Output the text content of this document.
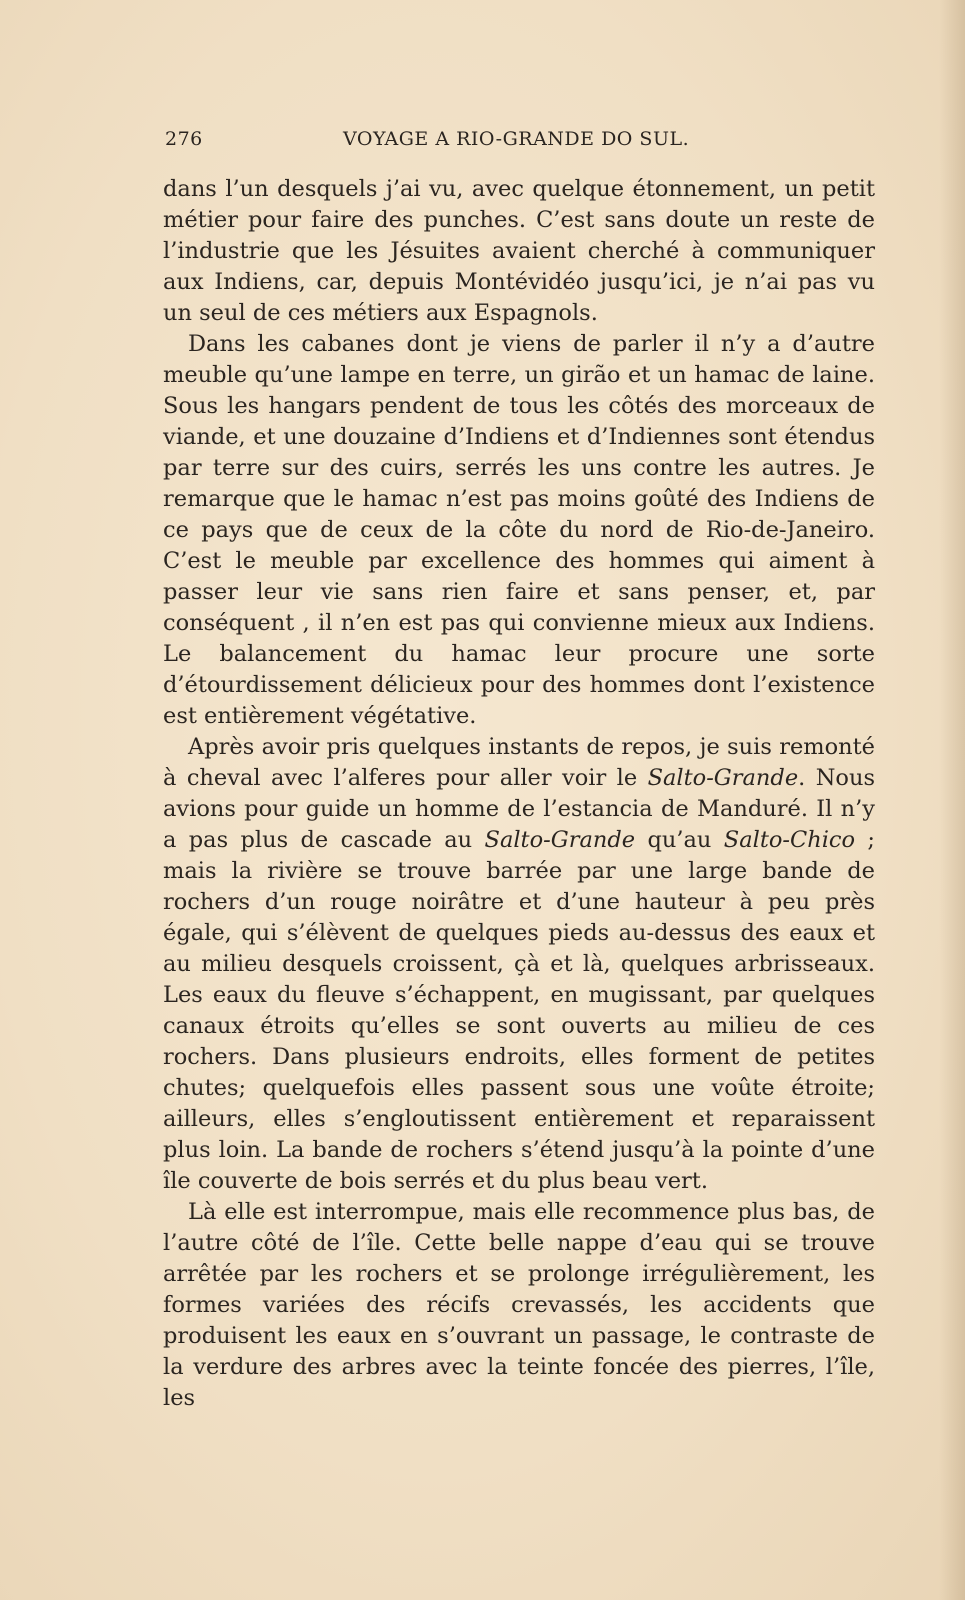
276	VOYAGE A RIO-GRANDE DO SUL.

dans l’un desquels j’ai vu, avec quelque étonnement, un petit métier pour faire des punches. C’est sans doute un reste de l’industrie que les Jésuites avaient cherché à communiquer aux Indiens, car, depuis Montévidéo jusqu’ici, je n’ai pas vu un seul de ces métiers aux Espagnols.

Dans les cabanes dont je viens de parler il n’y a d’autre meuble qu’une lampe en terre, un girão et un hamac de laine. Sous les hangars pendent de tous les côtés des morceaux de viande, et une douzaine d’Indiens et d’Indiennes sont étendus par terre sur des cuirs, serrés les uns contre les autres. Je remarque que le hamac n’est pas moins goûté des Indiens de ce pays que de ceux de la côte du nord de Rio-de-Janeiro. C’est le meuble par excellence des hommes qui aiment à passer leur vie sans rien faire et sans penser, et, par conséquent , il n’en est pas qui convienne mieux aux Indiens. Le balancement du hamac leur procure une sorte d’étourdissement délicieux pour des hommes dont l’existence est entièrement végétative.

Après avoir pris quelques instants de repos, je suis remonté à cheval avec l’alferes pour aller voir le Salto-Grande. Nous avions pour guide un homme de l’estancia de Manduré. Il n’y a pas plus de cascade au Salto-Grande qu’au Salto-Chico ; mais la rivière se trouve barrée par une large bande de rochers d’un rouge noirâtre et d’une hauteur à peu près égale, qui s’élèvent de quelques pieds au-dessus des eaux et au milieu desquels croissent, çà et là, quelques arbrisseaux. Les eaux du fleuve s’échappent, en mugissant, par quelques canaux étroits qu’elles se sont ouverts au milieu de ces rochers. Dans plusieurs endroits, elles forment de petites chutes; quelquefois elles passent sous une voûte étroite; ailleurs, elles s’engloutissent entièrement et reparaissent plus loin. La bande de rochers s’étend jusqu’à la pointe d’une île couverte de bois serrés et du plus beau vert.

Là elle est interrompue, mais elle recommence plus bas, de l’autre côté de l’île. Cette belle nappe d’eau qui se trouve arrêtée par les rochers et se prolonge irrégulièrement, les formes variées des récifs crevassés, les accidents que produisent les eaux en s’ouvrant un passage, le contraste de la verdure des arbres avec la teinte foncée des pierres, l’île, les
